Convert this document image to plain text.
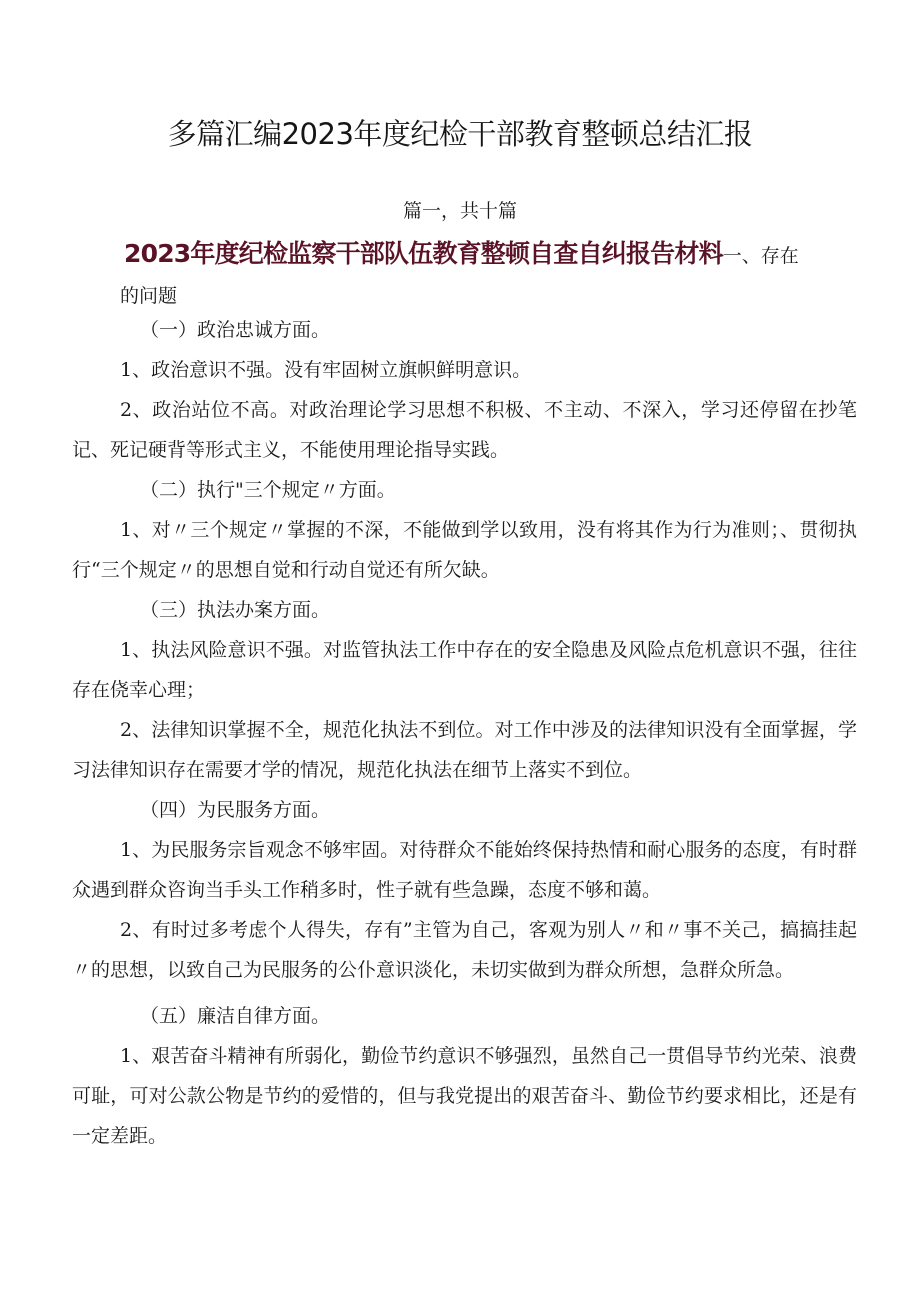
多篇汇编2023年度纪检干部教育整顿总结汇报
篇一，共十篇
2023年度纪检监察干部队伍教育整顿自查自纠报告材料一、存在
的问题

（一）政治忠诚方面。

1、政治意识不强。没有牢固树立旗帜鲜明意识。

2、政治站位不高。对政治理论学习思想不积极、不主动、不深入，学习还停留在抄笔记、死记硬背等形式主义，不能使用理论指导实践。

（二）执行"三个规定〃方面。

1、对〃三个规定〃掌握的不深，不能做到学以致用，没有将其作为行为准则；、贯彻执行“三个规定〃的思想自觉和行动自觉还有所欠缺。

（三）执法办案方面。

1、执法风险意识不强。对监管执法工作中存在的安全隐患及风险点危机意识不强，往往存在侥幸心理；

2、法律知识掌握不全，规范化执法不到位。对工作中涉及的法律知识没有全面掌握，学习法律知识存在需要才学的情况，规范化执法在细节上落实不到位。

（四）为民服务方面。

1、为民服务宗旨观念不够牢固。对待群众不能始终保持热情和耐心服务的态度，有时群众遇到群众咨询当手头工作稍多时，性子就有些急躁，态度不够和蔼。

2、有时过多考虑个人得失，存有”主管为自己，客观为别人〃和〃事不关己，搞搞挂起〃的思想，以致自己为民服务的公仆意识淡化，未切实做到为群众所想，急群众所急。

（五）廉洁自律方面。

1、艰苦奋斗精神有所弱化，勤俭节约意识不够强烈，虽然自己一贯倡导节约光荣、浪费可耻，可对公款公物是节约的爱惜的，但与我党提出的艰苦奋斗、勤俭节约要求相比，还是有一定差距。
